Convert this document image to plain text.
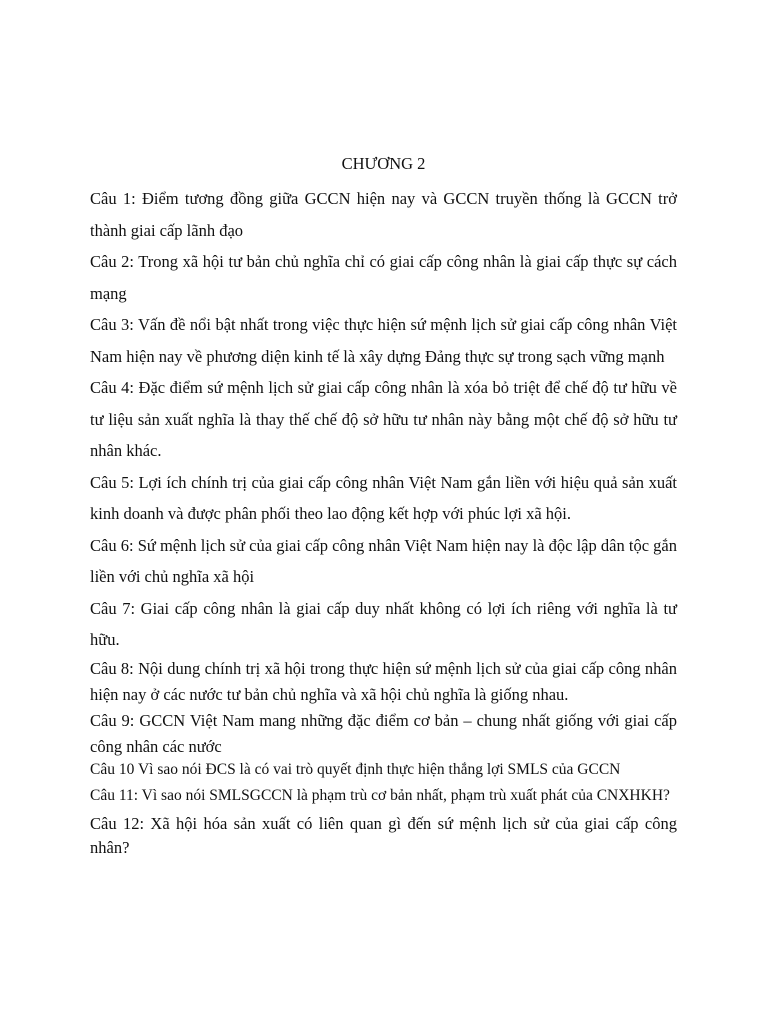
CHƯƠNG 2

Câu 1: Điểm tương đồng giữa GCCN hiện nay và GCCN truyền thống là GCCN trở thành giai cấp lãnh đạo

Câu 2: Trong xã hội tư bản chủ nghĩa chỉ có giai cấp công nhân là giai cấp thực sự cách mạng

Câu 3: Vấn đề nổi bật nhất trong việc thực hiện sứ mệnh lịch sử giai cấp công nhân Việt Nam hiện nay về phương diện kinh tế là xây dựng Đảng thực sự trong sạch vững mạnh

Câu 4: Đặc điểm sứ mệnh lịch sử giai cấp công nhân là xóa bỏ triệt để chế độ tư hữu về tư liệu sản xuất nghĩa là thay thế chế độ sở hữu tư nhân này bằng một chế độ sở hữu tư nhân khác.

Câu 5: Lợi ích chính trị của giai cấp công nhân Việt Nam gắn liền với hiệu quả sản xuất kinh doanh và được phân phối theo lao động kết hợp với phúc lợi xã hội.

Câu 6: Sứ mệnh lịch sử của giai cấp công nhân Việt Nam hiện nay là độc lập dân tộc gắn liền với chủ nghĩa xã hội

Câu 7: Giai cấp công nhân là giai cấp duy nhất không có lợi ích riêng với nghĩa là tư hữu.

Câu 8: Nội dung chính trị xã hội trong thực hiện sứ mệnh lịch sử của giai cấp công nhân hiện nay ở các nước tư bản chủ nghĩa và xã hội chủ nghĩa là giống nhau.

Câu 9: GCCN Việt Nam mang những đặc điểm cơ bản – chung nhất giống với giai cấp công nhân các nước

Câu 10 Vì sao nói ĐCS là có vai trò quyết định thực hiện thắng lợi SMLS của GCCN

Câu 11: Vì sao nói SMLSGCCN là phạm trù cơ bản nhất, phạm trù xuất phát của CNXHKH?

Câu 12: Xã hội hóa sản xuất có liên quan gì đến sứ mệnh lịch sử của giai cấp công nhân?
